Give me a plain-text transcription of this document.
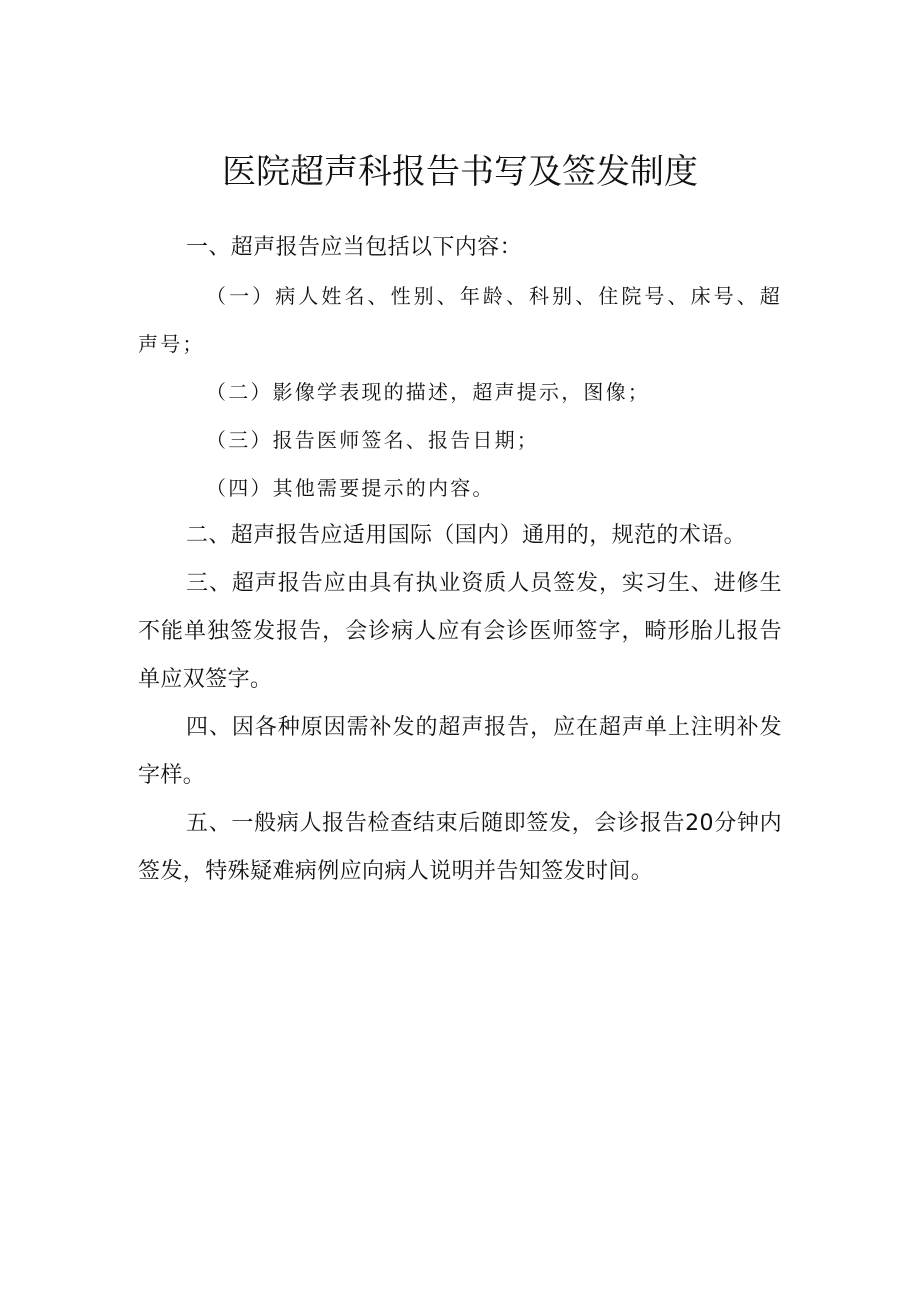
医院超声科报告书写及签发制度

一、超声报告应当包括以下内容：

（一）病人姓名、性别、年龄、科别、住院号、床号、超声号；

（二）影像学表现的描述，超声提示，图像；

（三）报告医师签名、报告日期；

（四）其他需要提示的内容。

二、超声报告应适用国际（国内）通用的，规范的术语。

三、超声报告应由具有执业资质人员签发，实习生、进修生不能单独签发报告，会诊病人应有会诊医师签字，畸形胎儿报告单应双签字。

四、因各种原因需补发的超声报告，应在超声单上注明补发字样。

五、一般病人报告检查结束后随即签发，会诊报告20分钟内签发，特殊疑难病例应向病人说明并告知签发时间。
